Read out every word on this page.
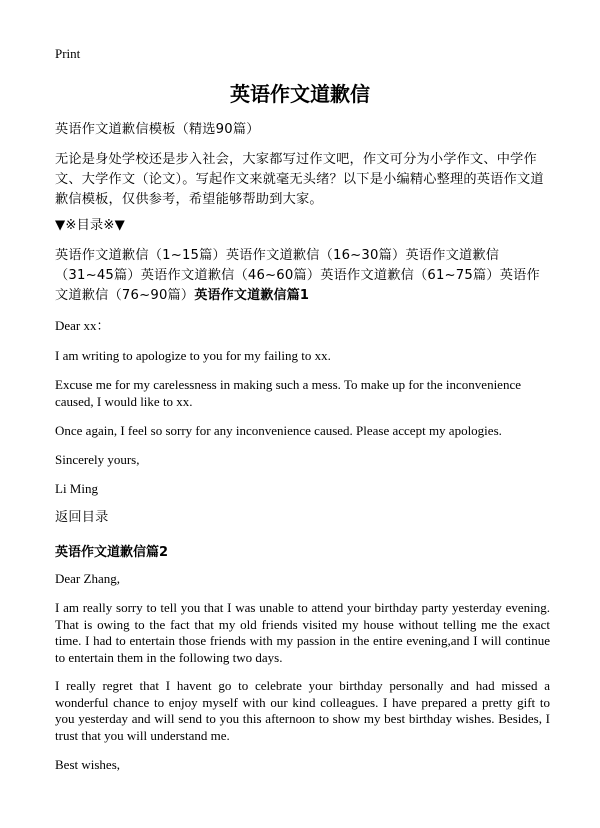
Print

英语作文道歉信

英语作文道歉信模板（精选90篇）

无论是身处学校还是步入社会，大家都写过作文吧，作文可分为小学作文、中学作文、大学作文（论文）。写起作文来就毫无头绪？以下是小编精心整理的英语作文道歉信模板，仅供参考，希望能够帮助到大家。

▼※目录※▼

英语作文道歉信（1~15篇）英语作文道歉信（16~30篇）英语作文道歉信（31~45篇）英语作文道歉信（46~60篇）英语作文道歉信（61~75篇）英语作文道歉信（76~90篇）英语作文道歉信篇1

Dear xx：

I am writing to apologize to you for my failing to xx.

Excuse me for my carelessness in making such a mess. To make up for the inconvenience caused, I would like to xx.

Once again, I feel so sorry for any inconvenience caused. Please accept my apologies.

Sincerely yours,

Li Ming

返回目录

英语作文道歉信篇2

Dear Zhang,

I am really sorry to tell you that I was unable to attend your birthday party yesterday evening. That is owing to the fact that my old friends visited my house without telling me the exact time. I had to entertain those friends with my passion in the entire evening,and I will continue to entertain them in the following two days.

I really regret that I havent go to celebrate your birthday personally and had missed a wonderful chance to enjoy myself with our kind colleagues. I have prepared a pretty gift to you yesterday and will send to you this afternoon to show my best birthday wishes. Besides, I trust that you will understand me.

Best wishes,
